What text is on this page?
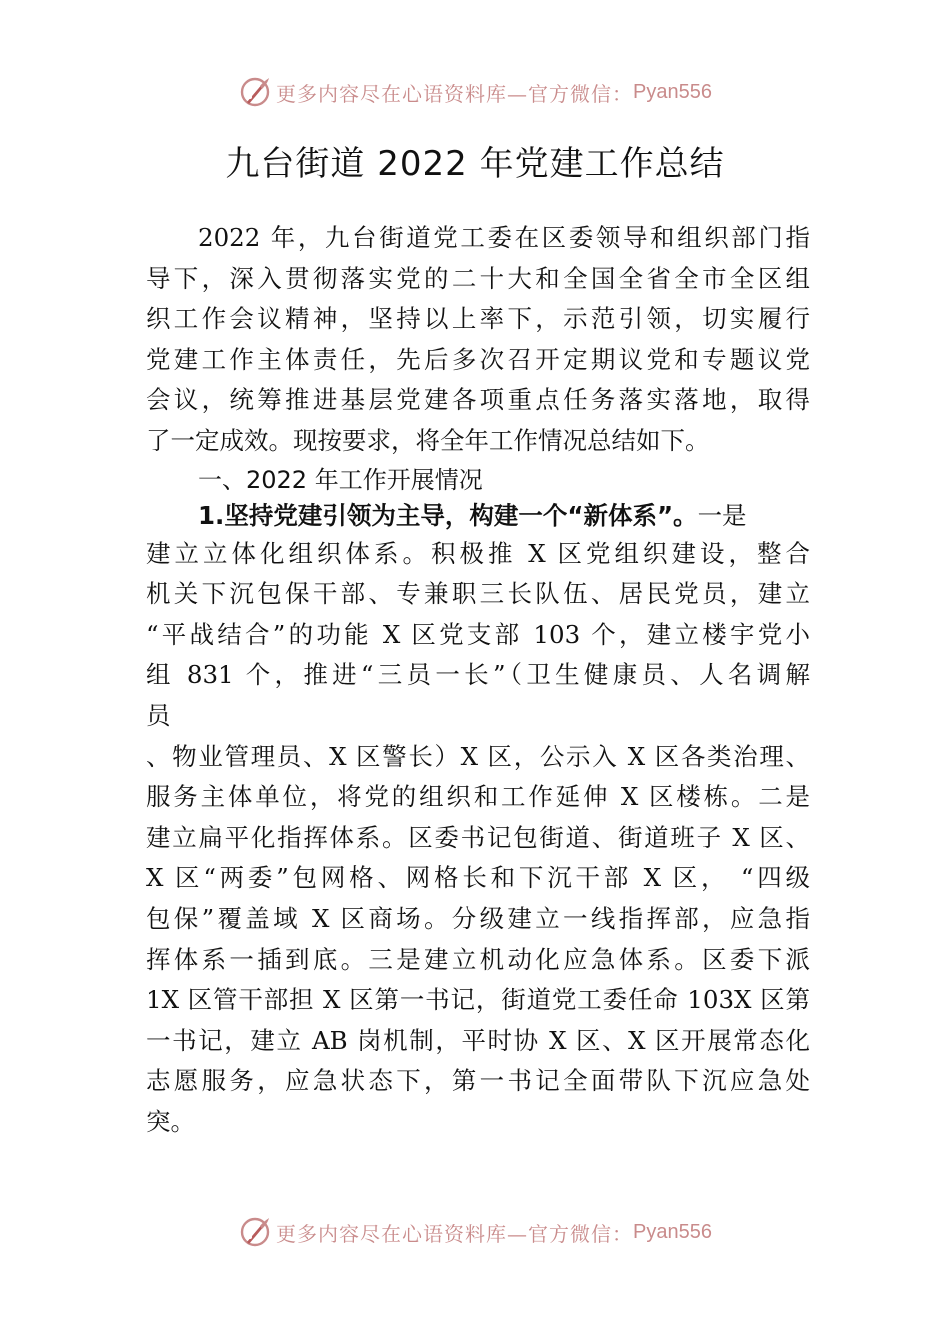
更多内容尽在心语资料库—官方微信： Pyan556
九台街道 2022 年党建工作总结
2022 年，九台街道党工委在区委领导和组织部门指
导下，深入贯彻落实党的二十大和全国全省全市全区组
织工作会议精神，坚持以上率下，示范引领，切实履行
党建工作主体责任，先后多次召开定期议党和专题议党
会议，统筹推进基层党建各项重点任务落实落地，取得
了一定成效。现按要求，将全年工作情况总结如下。
一、2022 年工作开展情况
1.坚持党建引领为主导，构建一个“新体系”。一是
建立立体化组织体系。积极推 X 区党组织建设，整合
机关下沉包保干部、专兼职三长队伍、居民党员，建立
“平战结合”的功能 X 区党支部 103 个，建立楼宇党小
组 831 个，推进“三员一长”（卫生健康员、人名调解
员
、物业管理员、X 区警长）X 区，公示入 X 区各类治理、
服务主体单位，将党的组织和工作延伸 X 区楼栋。二是
建立扁平化指挥体系。区委书记包街道、街道班子 X 区、
X 区“两委”包网格、网格长和下沉干部 X 区， “四级
包保”覆盖域 X 区商场。分级建立一线指挥部，应急指
挥体系一插到底。三是建立机动化应急体系。区委下派
1X 区管干部担 X 区第一书记，街道党工委任命 103X 区第
一书记，建立 AB 岗机制，平时协 X 区、X 区开展常态化
志愿服务，应急状态下，第一书记全面带队下沉应急处
突。
更多内容尽在心语资料库—官方微信： Pyan556
